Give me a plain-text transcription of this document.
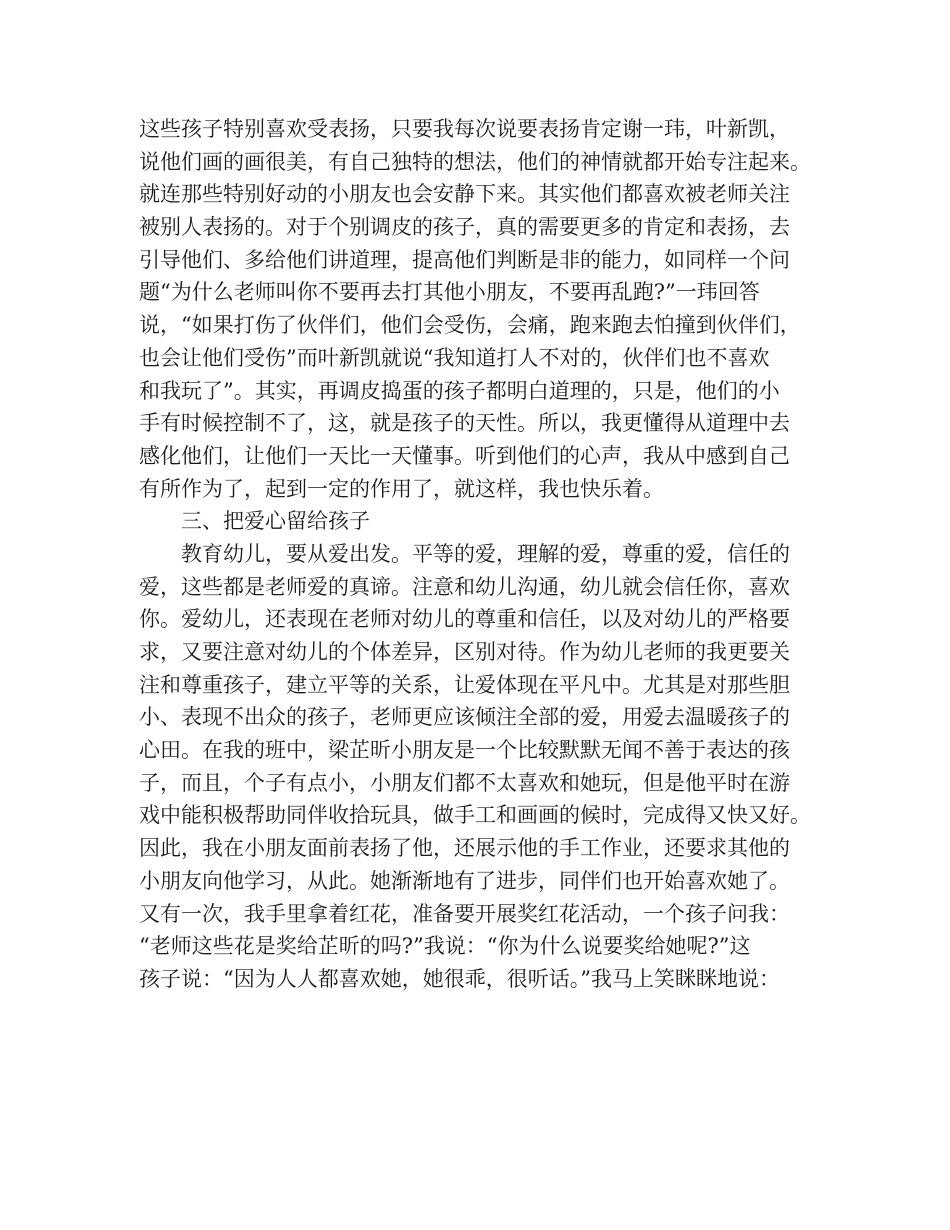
这些孩子特别喜欢受表扬，只要我每次说要表扬肯定谢一玮，叶新凯，
说他们画的画很美，有自己独特的想法，他们的神情就都开始专注起来。
就连那些特别好动的小朋友也会安静下来。其实他们都喜欢被老师关注
被别人表扬的。对于个别调皮的孩子，真的需要更多的肯定和表扬，去
引导他们、多给他们讲道理，提高他们判断是非的能力，如同样一个问
题“为什么老师叫你不要再去打其他小朋友，不要再乱跑?”一玮回答
说，“如果打伤了伙伴们，他们会受伤，会痛，跑来跑去怕撞到伙伴们，
也会让他们受伤”而叶新凯就说“我知道打人不对的，伙伴们也不喜欢
和我玩了”。其实，再调皮捣蛋的孩子都明白道理的，只是，他们的小
手有时候控制不了，这，就是孩子的天性。所以，我更懂得从道理中去
感化他们，让他们一天比一天懂事。听到他们的心声，我从中感到自己
有所作为了，起到一定的作用了，就这样，我也快乐着。
三、把爱心留给孩子
教育幼儿，要从爱出发。平等的爱，理解的爱，尊重的爱，信任的
爱，这些都是老师爱的真谛。注意和幼儿沟通，幼儿就会信任你，喜欢
你。爱幼儿，还表现在老师对幼儿的尊重和信任，以及对幼儿的严格要
求，又要注意对幼儿的个体差异，区别对待。作为幼儿老师的我更要关
注和尊重孩子，建立平等的关系，让爱体现在平凡中。尤其是对那些胆
小、表现不出众的孩子，老师更应该倾注全部的爱，用爱去温暖孩子的
心田。在我的班中，梁芷昕小朋友是一个比较默默无闻不善于表达的孩
子，而且，个子有点小，小朋友们都不太喜欢和她玩，但是他平时在游
戏中能积极帮助同伴收拾玩具，做手工和画画的候时，完成得又快又好。
因此，我在小朋友面前表扬了他，还展示他的手工作业，还要求其他的
小朋友向他学习，从此。她渐渐地有了进步，同伴们也开始喜欢她了。
又有一次，我手里拿着红花，准备要开展奖红花活动，一个孩子问我：
“老师这些花是奖给芷昕的吗?”我说：“你为什么说要奖给她呢?”这
孩子说：“因为人人都喜欢她，她很乖，很听话。”我马上笑眯眯地说：
